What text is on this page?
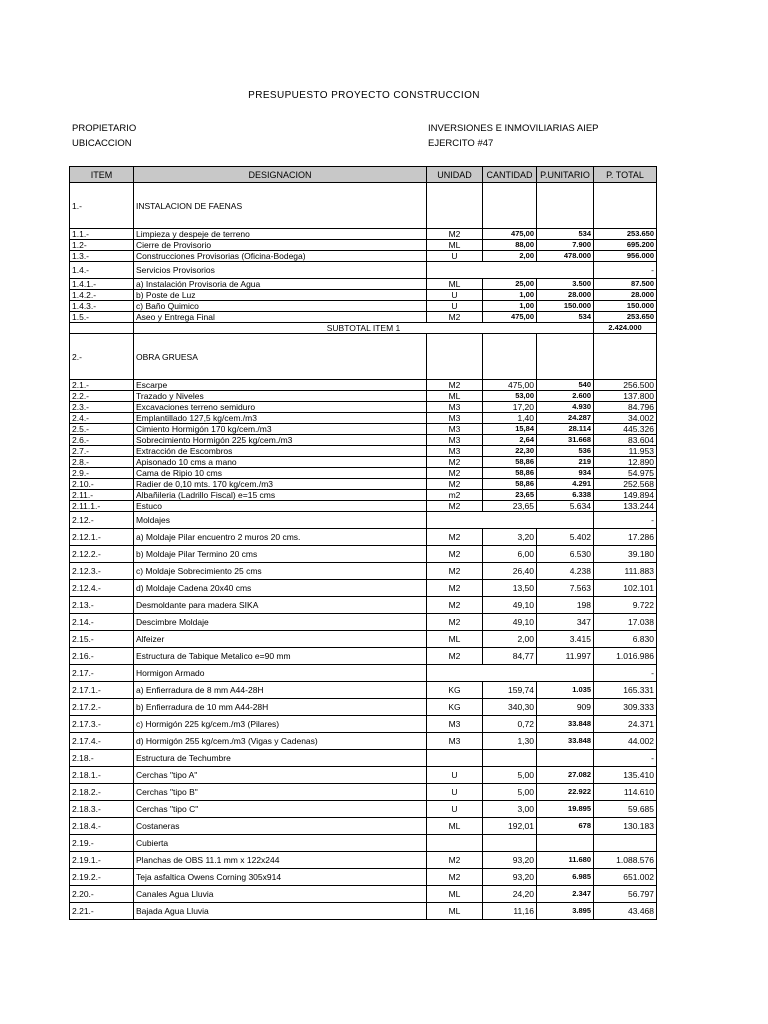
PRESUPUESTO PROYECTO CONSTRUCCION
PROPIETARIO	INVERSIONES E INMOVILIARIAS AIEP
UBICACCION	EJERCITO #47
ITEM	DESIGNACION	UNIDAD	CANTIDAD	P.UNITARIO	P. TOTAL
1.-	INSTALACION DE FAENAS				
1.1.-	Limpieza y despeje de terreno	M2	475,00	534	253.650
1.2-	Cierre de Provisorio	ML	88,00	7.900	695.200
1.3.-	Construcciones Provisorias (Oficina-Bodega)	U	2,00	478.000	956.000
1.4.-	Servicios Provisorios				-
1.4.1.-	a) Instalación Provisoria de Agua	ML	25,00	3.500	87.500
1.4.2.-	b) Poste de Luz	U	1,00	28.000	28.000
1.4.3.-	c) Baño Quimico	U	1,00	150.000	150.000
1.5.-	Aseo y Entrega Final	M2	475,00	534	253.650
	SUBTOTAL ITEM 1				2.424.000
2.-	OBRA GRUESA				
2.1.-	Escarpe	M2	475,00	540	256.500
2.2.-	Trazado y Niveles	ML	53,00	2.600	137.800
2.3.-	Excavaciones terreno semiduro	M3	17,20	4.930	84.796
2.4.-	Emplantillado 127,5 kg/cem./m3	M3	1,40	24.287	34.002
2.5.-	Cimiento Hormigón 170 kg/cem./m3	M3	15,84	28.114	445.326
2.6.-	Sobrecimiento Hormigón 225 kg/cem./m3	M3	2,64	31.668	83.604
2.7.-	Extracción de Escombros	M3	22,30	536	11.953
2.8.-	Apisonado 10 cms a mano	M2	58,86	219	12.890
2.9.-	Cama de Ripio 10 cms	M2	58,86	934	54.975
2.10.-	Radier de 0,10 mts. 170 kg/cem./m3	M2	58,86	4.291	252.568
2.11.-	Albañileria (Ladrillo Fiscal) e=15 cms	m2	23,65	6.338	149.894
2.11.1.-	Estuco	M2	23,65	5.634	133.244
2.12.-	Moldajes				-
2.12.1.-	a) Moldaje Pilar encuentro 2 muros 20 cms.	M2	3,20	5.402	17.286
2.12.2.-	b) Moldaje Pilar Termino 20 cms	M2	6,00	6.530	39.180
2.12.3.-	c) Moldaje Sobrecimiento 25 cms	M2	26,40	4.238	111.883
2.12.4.-	d) Moldaje Cadena 20x40 cms	M2	13,50	7.563	102.101
2.13.-	Desmoldante para madera SIKA	M2	49,10	198	9.722
2.14.-	Descimbre Moldaje	M2	49,10	347	17.038
2.15.-	Alfeizer	ML	2,00	3.415	6.830
2.16.-	Estructura de Tabique Metalico e=90 mm	M2	84,77	11.997	1.016.986
2.17.-	Hormigon Armado				-
2.17.1.-	a) Enfierradura de 8 mm A44-28H	KG	159,74	1.035	165.331
2.17.2.-	b) Enfierradura de 10 mm A44-28H	KG	340,30	909	309.333
2.17.3.-	c) Hormigón 225 kg/cem./m3 (Pilares)	M3	0,72	33.848	24.371
2.17.4.-	d) Hormigón 255 kg/cem./m3 (Vigas y Cadenas)	M3	1,30	33.848	44.002
2.18.-	Estructura de Techumbre				-
2.18.1.-	Cerchas "tipo A"	U	5,00	27.082	135.410
2.18.2.-	Cerchas "tipo B"	U	5,00	22.922	114.610
2.18.3.-	Cerchas "tipo C"	U	3,00	19.895	59.685
2.18.4.-	Costaneras	ML	192,01	678	130.183
2.19.-	Cubierta				
2.19.1.-	Planchas de OBS 11.1 mm x 122x244	M2	93,20	11.680	1.088.576
2.19.2.-	Teja asfaltica Owens Corning 305x914	M2	93,20	6.985	651.002
2.20.-	Canales Agua Lluvia	ML	24,20	2.347	56.797
2.21.-	Bajada Agua Lluvia	ML	11,16	3.895	43.468
